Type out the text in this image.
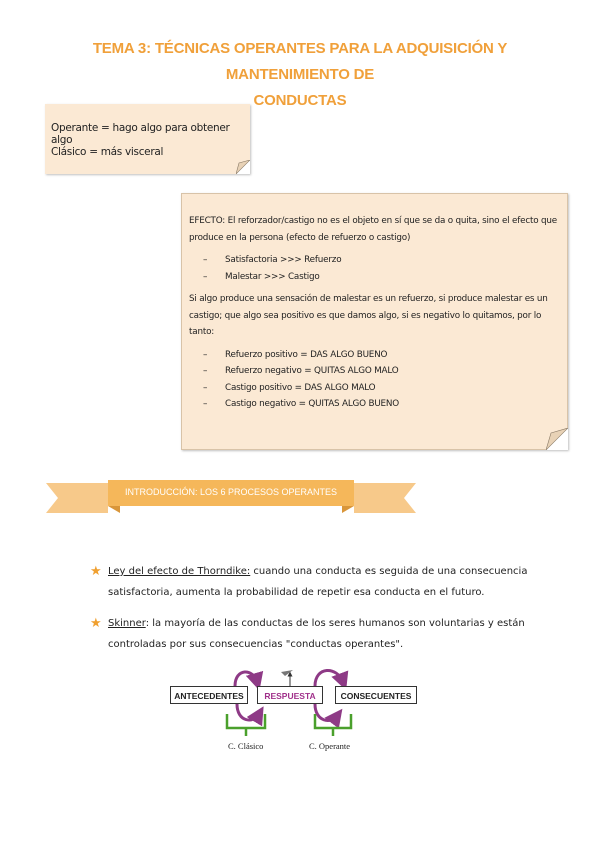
TEMA 3: TÉCNICAS OPERANTES PARA LA ADQUISICIÓN Y MANTENIMIENTO DE
CONDUCTAS

Operante = hago algo para obtener algo

Clásico = más visceral

EFECTO: El reforzador/castigo no es el objeto en sí que se da o quita, sino el efecto que produce en la persona (efecto de refuerzo o castigo)

– Satisfactoria >>> Refuerzo
– Malestar >>> Castigo

Si algo produce una sensación de malestar es un refuerzo, si produce malestar es un castigo; que algo sea positivo es que damos algo, si es negativo lo quitamos, por lo tanto:

– Refuerzo positivo = DAS ALGO BUENO
– Refuerzo negativo = QUITAS ALGO MALO
– Castigo positivo = DAS ALGO MALO
– Castigo negativo = QUITAS ALGO BUENO
INTRODUCCIÓN: LOS 6 PROCESOS OPERANTES
★ Ley del efecto de Thorndike: cuando una conducta es seguida de una consecuencia satisfactoria, aumenta la probabilidad de repetir esa conducta en el futuro.
★ Skinner: la mayoría de las conductas de los seres humanos son voluntarias y están controladas por sus consecuencias "conductas operantes".
ANTECEDENTES	RESPUESTA	CONSECUENTES
C. Clásico	C. Operante
